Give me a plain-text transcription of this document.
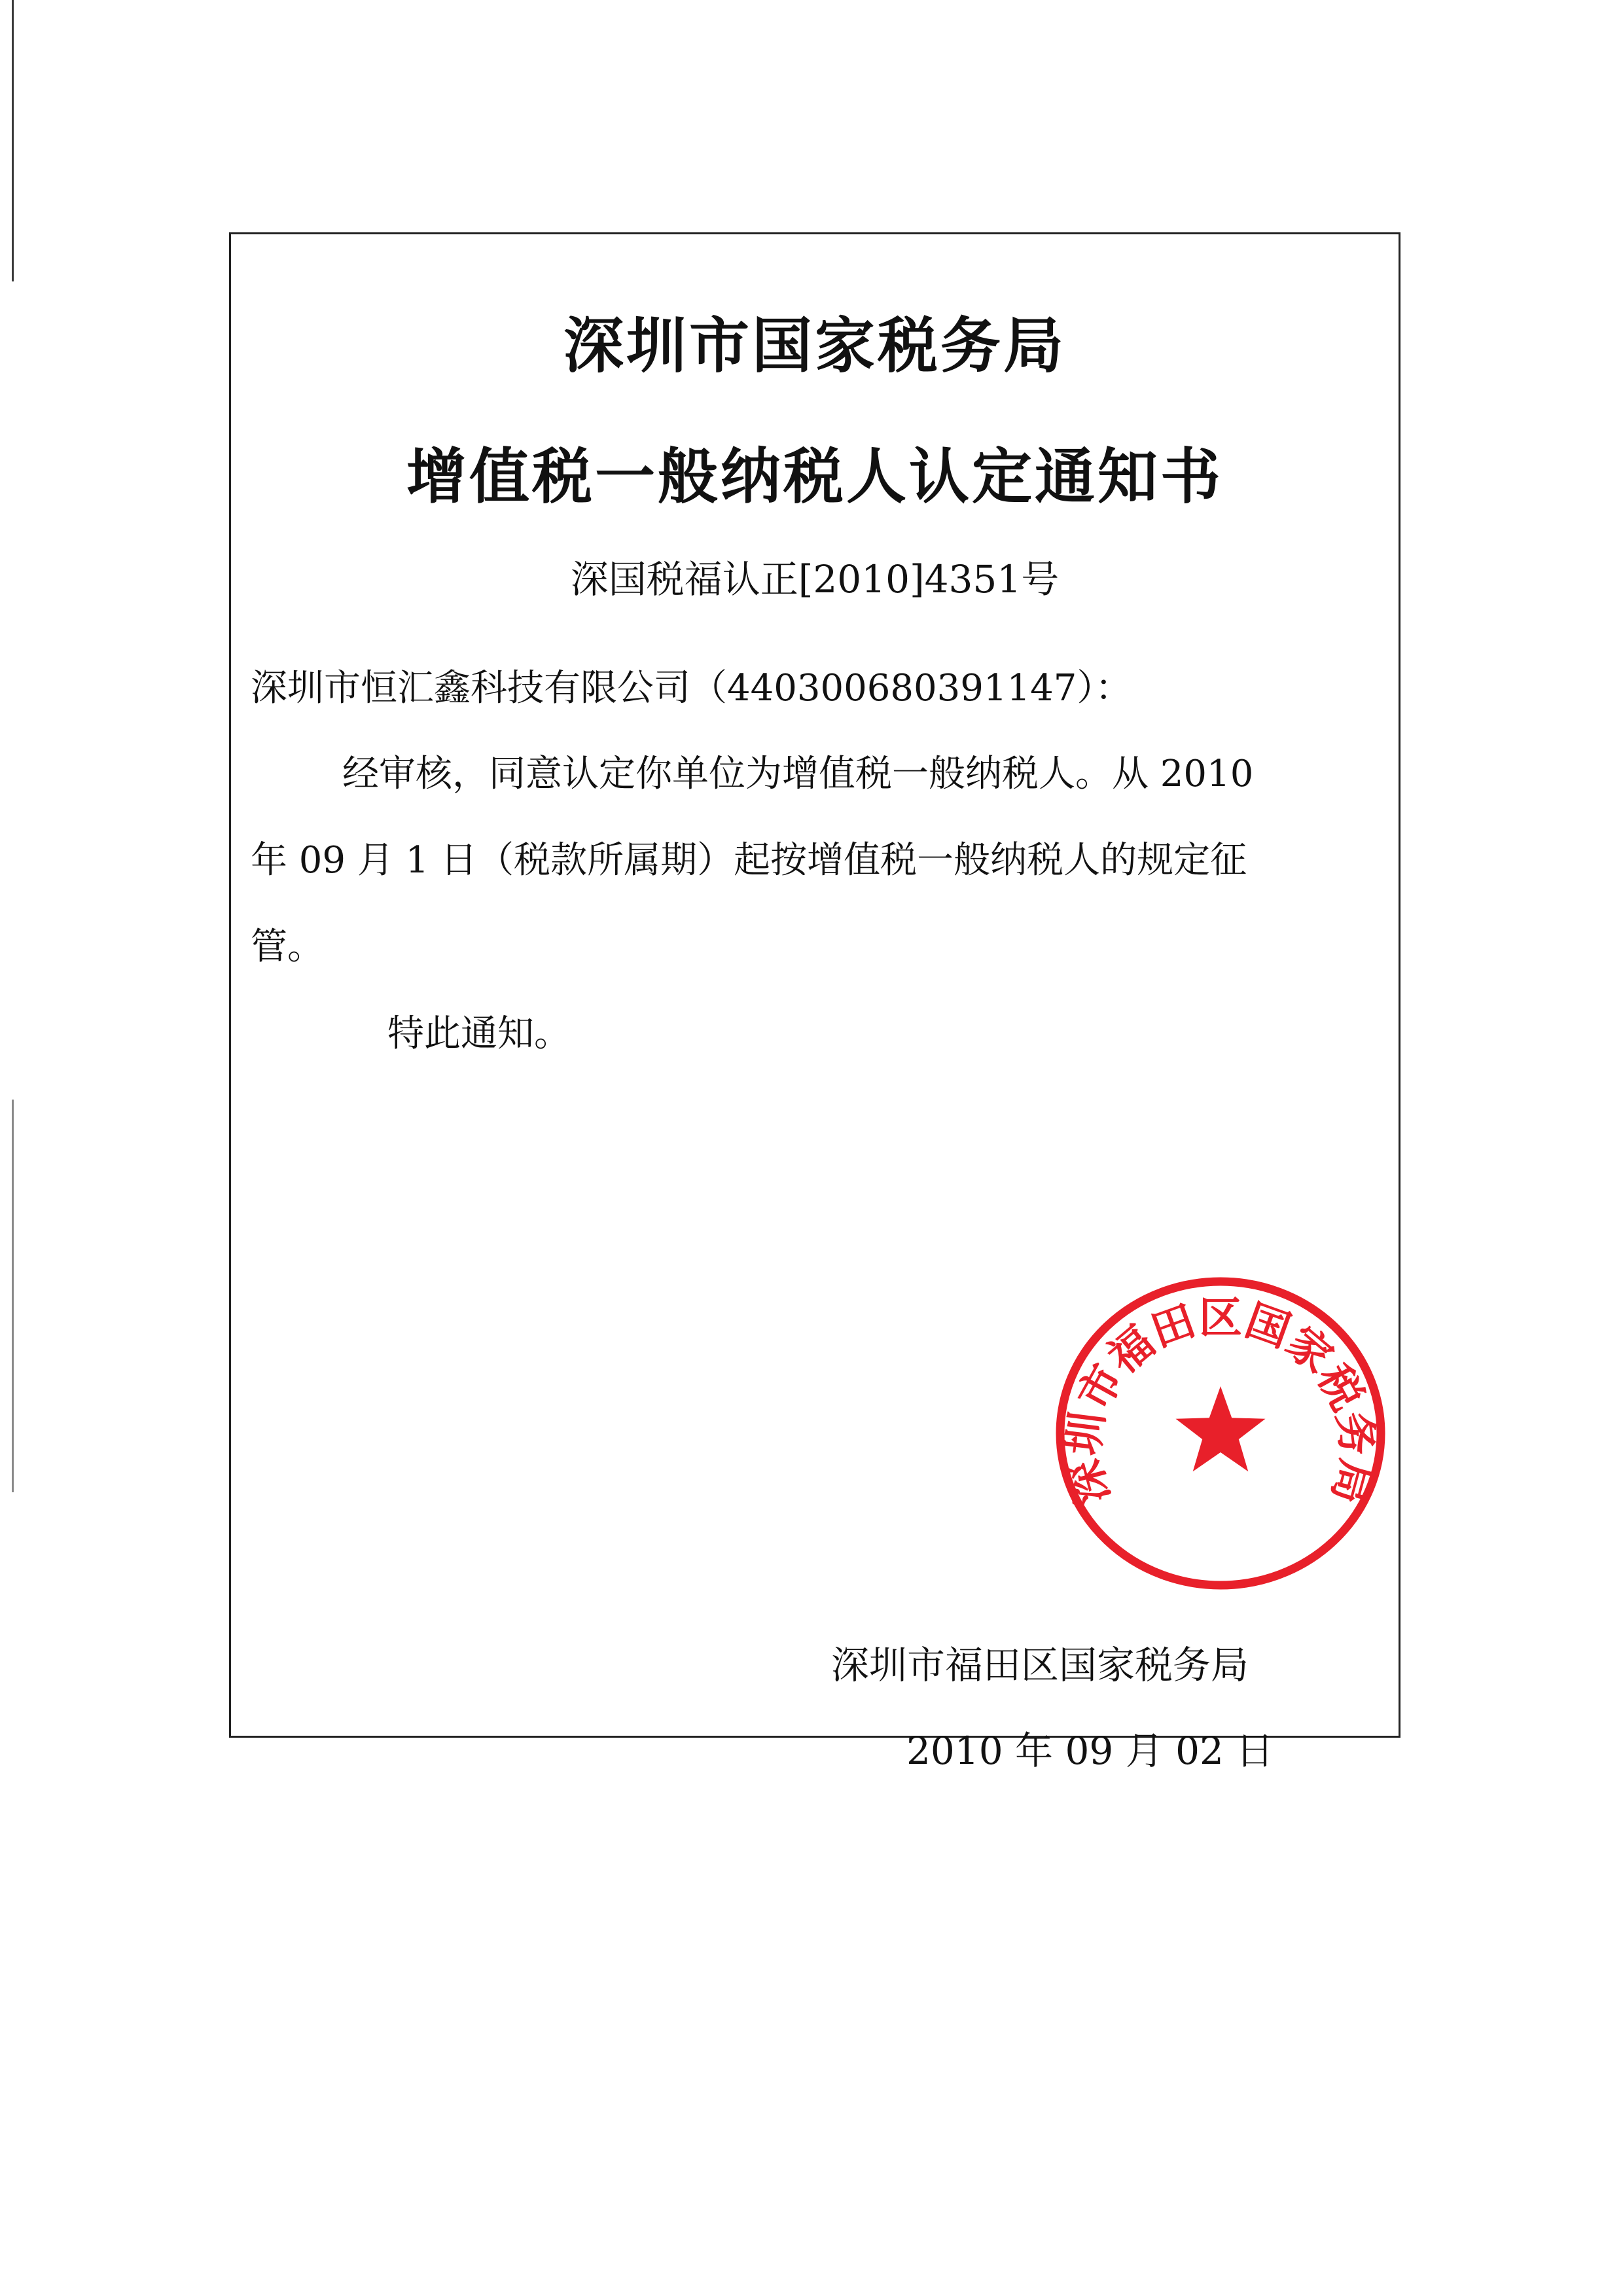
深圳市国家税务局
增值税一般纳税人认定通知书
深国税福认正[2010]4351号
深圳市恒汇鑫科技有限公司（440300680391147）：
经审核，同意认定你单位为增值税一般纳税人。从 2010
年 09 月 1 日（税款所属期）起按增值税一般纳税人的规定征
管。
特此通知。
深圳市福田区国家税务局
深圳市福田区国家税务局
2010 年 09 月 02 日
